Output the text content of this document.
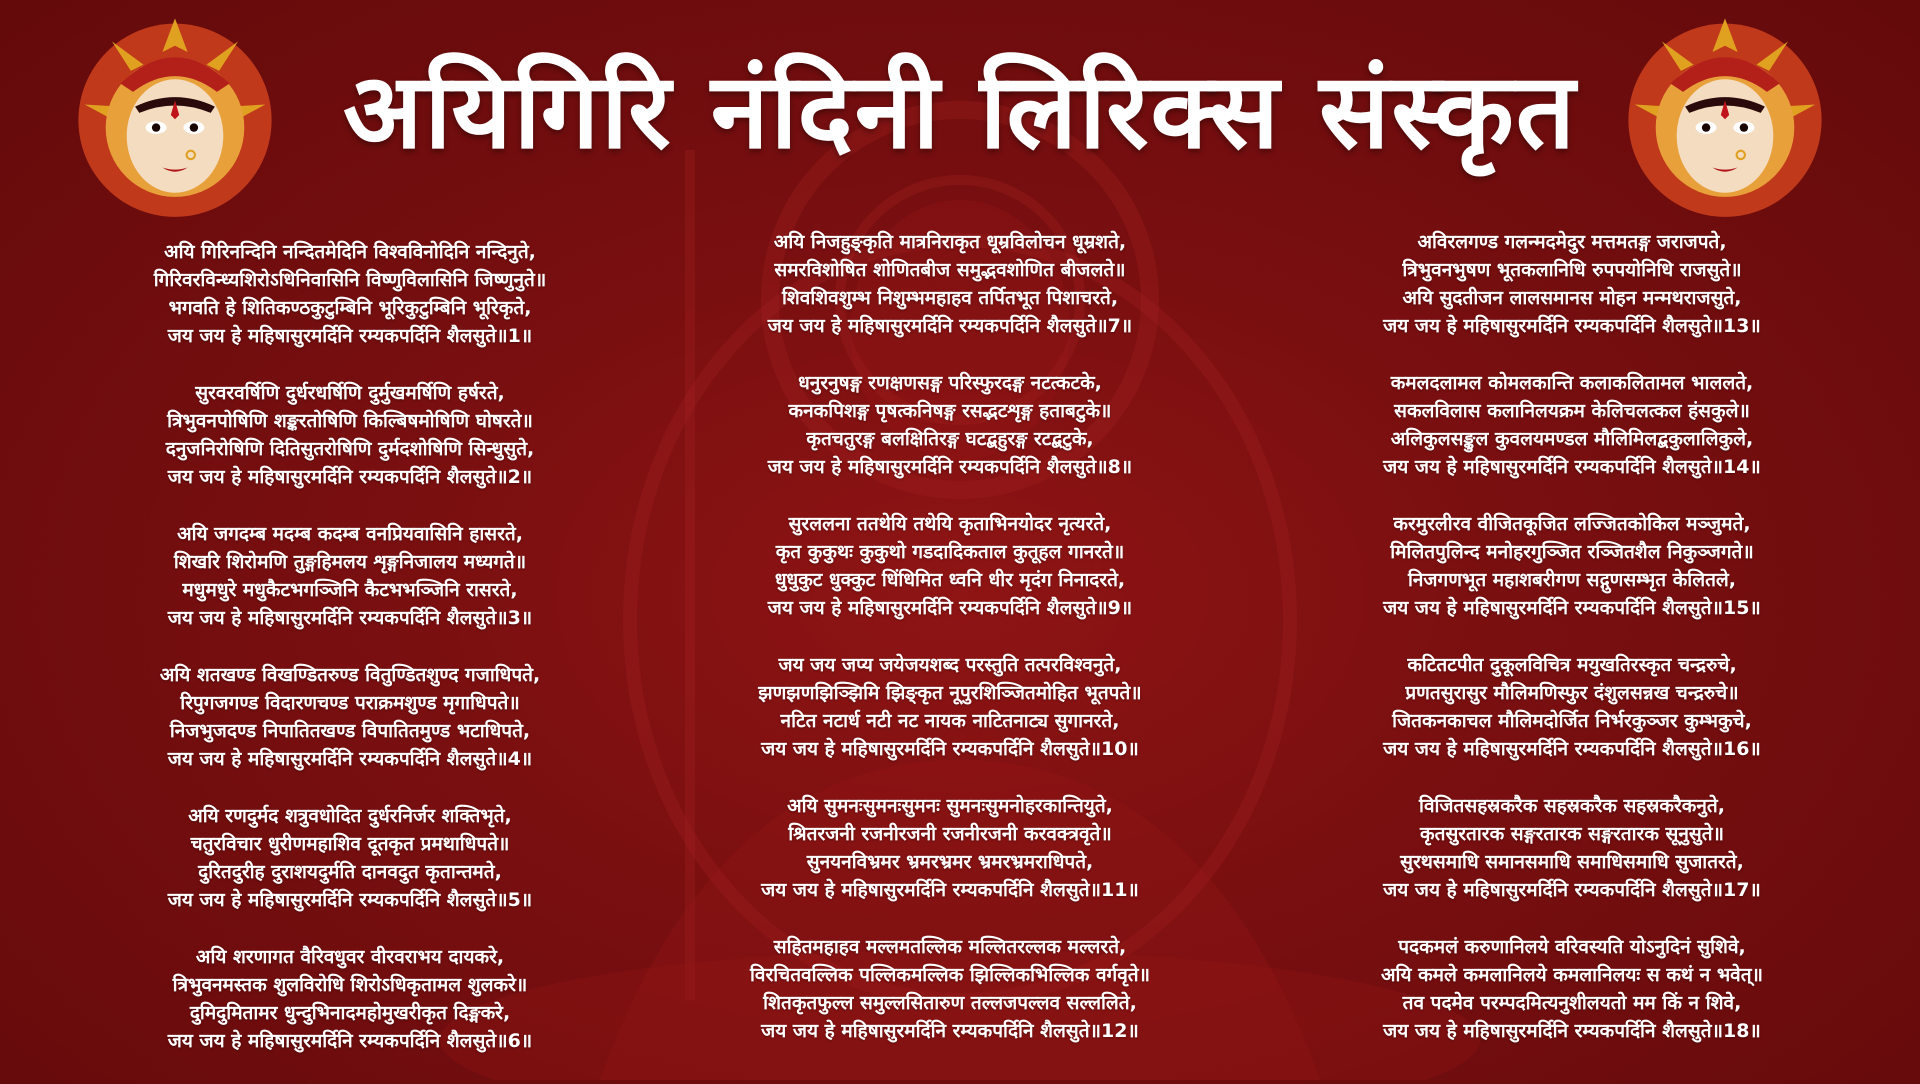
अयिगिरि नंदिनी लिरिक्स संस्कृत
अयि गिरिनन्दिनि नन्दितमेदिनि विश्वविनोदिनि नन्दिनुते,
गिरिवरविन्ध्यशिरोऽधिनिवासिनि विष्णुविलासिनि जिष्णुनुते॥
भगवति हे शितिकण्ठकुटुम्बिनि भूरिकुटुम्बिनि भूरिकृते,
जय जय हे महिषासुरमर्दिनि रम्यकपर्दिनि शैलसुते॥1॥
सुरवरवर्षिणि दुर्धरधर्षिणि दुर्मुखमर्षिणि हर्षरते,
त्रिभुवनपोषिणि शङ्करतोषिणि किल्बिषमोषिणि घोषरते॥
दनुजनिरोषिणि दितिसुतरोषिणि दुर्मदशोषिणि सिन्धुसुते,
जय जय हे महिषासुरमर्दिनि रम्यकपर्दिनि शैलसुते॥2॥
अयि जगदम्ब मदम्ब कदम्ब वनप्रियवासिनि हासरते,
शिखरि शिरोमणि तुङ्गहिमलय शृङ्गनिजालय मध्यगते॥
मधुमधुरे मधुकैटभगञ्जिनि कैटभभञ्जिनि रासरते,
जय जय हे महिषासुरमर्दिनि रम्यकपर्दिनि शैलसुते॥3॥
अयि शतखण्ड विखण्डितरुण्ड वितुण्डितशुण्द गजाधिपते,
रिपुगजगण्ड विदारणचण्ड पराक्रमशुण्ड मृगाधिपते॥
निजभुजदण्ड निपातितखण्ड विपातितमुण्ड भटाधिपते,
जय जय हे महिषासुरमर्दिनि रम्यकपर्दिनि शैलसुते॥4॥
अयि रणदुर्मद शत्रुवधोदित दुर्धरनिर्जर शक्तिभृते,
चतुरविचार धुरीणमहाशिव दूतकृत प्रमथाधिपते॥
दुरितदुरीह दुराशयदुर्मति दानवदुत कृतान्तमते,
जय जय हे महिषासुरमर्दिनि रम्यकपर्दिनि शैलसुते॥5॥
अयि शरणागत वैरिवधुवर वीरवराभय दायकरे,
त्रिभुवनमस्तक शुलविरोधि शिरोऽधिकृतामल शुलकरे॥
दुमिदुमितामर धुन्दुभिनादमहोमुखरीकृत दिङ्मकरे,
जय जय हे महिषासुरमर्दिनि रम्यकपर्दिनि शैलसुते॥6॥
अयि निजहुङ्कृति मात्रनिराकृत धूम्रविलोचन धूम्रशते,
समरविशोषित शोणितबीज समुद्भवशोणित बीजलते॥
शिवशिवशुम्भ निशुम्भमहाहव तर्पितभूत पिशाचरते,
जय जय हे महिषासुरमर्दिनि रम्यकपर्दिनि शैलसुते॥7॥
धनुरनुषङ्ग रणक्षणसङ्ग परिस्फुरदङ्ग नटत्कटके,
कनकपिशङ्ग पृषत्कनिषङ्ग रसद्भटशृङ्ग हताबटुके॥
कृतचतुरङ्ग बलक्षितिरङ्ग घटद्बहुरङ्ग रटद्बटुके,
जय जय हे महिषासुरमर्दिनि रम्यकपर्दिनि शैलसुते॥8॥
सुरललना ततथेयि तथेयि कृताभिनयोदर नृत्यरते,
कृत कुकुथः कुकुथो गडदादिकताल कुतूहल गानरते॥
धुधुकुट धुक्कुट धिंधिमित ध्वनि धीर मृदंग निनादरते,
जय जय हे महिषासुरमर्दिनि रम्यकपर्दिनि शैलसुते॥9॥
जय जय जप्य जयेजयशब्द परस्तुति तत्परविश्वनुते,
झणझणझिञ्झिमि झिङ्कृत नूपुरशिञ्जितमोहित भूतपते॥
नटित नटार्ध नटी नट नायक नाटितनाट्य सुगानरते,
जय जय हे महिषासुरमर्दिनि रम्यकपर्दिनि शैलसुते॥10॥
अयि सुमनःसुमनःसुमनः सुमनःसुमनोहरकान्तियुते,
श्रितरजनी रजनीरजनी रजनीरजनी करवक्त्रवृते॥
सुनयनविभ्रमर भ्रमरभ्रमर भ्रमरभ्रमराधिपते,
जय जय हे महिषासुरमर्दिनि रम्यकपर्दिनि शैलसुते॥11॥
सहितमहाहव मल्लमतल्लिक मल्लितरल्लक मल्लरते,
विरचितवल्लिक पल्लिकमल्लिक झिल्लिकभिल्लिक वर्गवृते॥
शितकृतफुल्ल समुल्लसितारुण तल्लजपल्लव सल्ललिते,
जय जय हे महिषासुरमर्दिनि रम्यकपर्दिनि शैलसुते॥12॥
अविरलगण्ड गलन्मदमेदुर मत्तमतङ्ग जराजपते,
त्रिभुवनभुषण भूतकलानिधि रुपपयोनिधि राजसुते॥
अयि सुदतीजन लालसमानस मोहन मन्मथराजसुते,
जय जय हे महिषासुरमर्दिनि रम्यकपर्दिनि शैलसुते॥13॥
कमलदलामल कोमलकान्ति कलाकलितामल भाललते,
सकलविलास कलानिलयक्रम केलिचलत्कल हंसकुले॥
अलिकुलसङ्कुल कुवलयमण्डल मौलिमिलद्बकुलालिकुले,
जय जय हे महिषासुरमर्दिनि रम्यकपर्दिनि शैलसुते॥14॥
करमुरलीरव वीजितकूजित लज्जितकोकिल मञ्जुमते,
मिलितपुलिन्द मनोहरगुञ्जित रञ्जितशैल निकुञ्जगते॥
निजगणभूत महाशबरीगण सद्गुणसम्भृत केलितले,
जय जय हे महिषासुरमर्दिनि रम्यकपर्दिनि शैलसुते॥15॥
कटितटपीत दुकूलविचित्र मयुखतिरस्कृत चन्द्ररुचे,
प्रणतसुरासुर मौलिमणिस्फुर दंशुलसन्नख चन्द्ररुचे॥
जितकनकाचल मौलिमदोर्जित निर्भरकुञ्जर कुम्भकुचे,
जय जय हे महिषासुरमर्दिनि रम्यकपर्दिनि शैलसुते॥16॥
विजितसहस्रकरैक सहस्रकरैक सहस्रकरैकनुते,
कृतसुरतारक सङ्गरतारक सङ्गरतारक सूनुसुते॥
सुरथसमाधि समानसमाधि समाधिसमाधि सुजातरते,
जय जय हे महिषासुरमर्दिनि रम्यकपर्दिनि शैलसुते॥17॥
पदकमलं करुणानिलये वरिवस्यति योऽनुदिनं सुशिवे,
अयि कमले कमलानिलये कमलानिलयः स कथं न भवेत्॥
तव पदमेव परम्पदमित्यनुशीलयतो मम किं न शिवे,
जय जय हे महिषासुरमर्दिनि रम्यकपर्दिनि शैलसुते॥18॥
